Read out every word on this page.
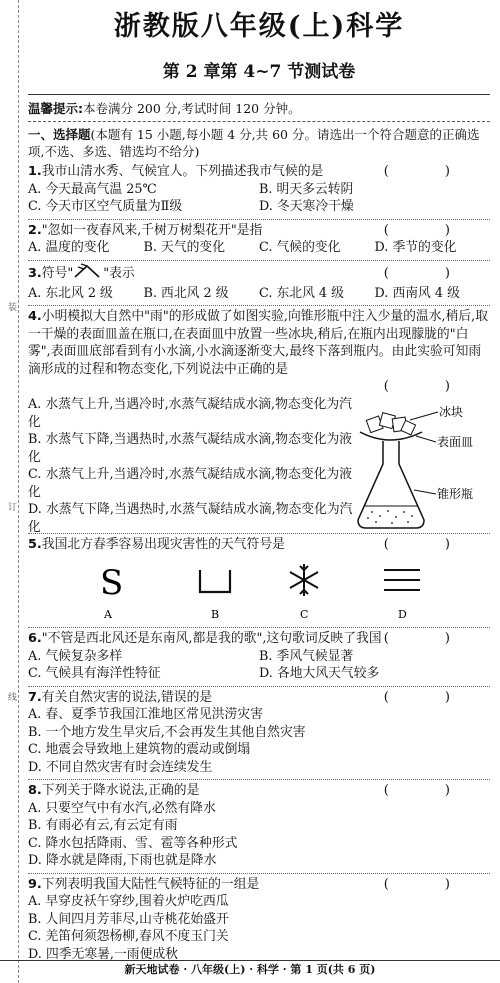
装
订
线
浙教版八年级(上)科学
第 2 章第 4~7 节测试卷
温馨提示:本卷满分 200 分,考试时间 120 分钟。
一、选择题(本题有 15 小题,每小题 4 分,共 60 分。请选出一个符合题意的正确选项,不选、多选、错选均不给分)
( )
1.我市山清水秀、气候宜人。下列描述我市气候的是
A. 今天最高气温 25℃	B. 明天多云转阴
C. 今天市区空气质量为Ⅱ级	D. 冬天寒冷干燥
( )
2."忽如一夜春风来,千树万树梨花开"是指
A. 温度的变化	B. 天气的变化	C. 气候的变化	D. 季节的变化
( )
3.符号" "表示
A. 东北风 2 级	B. 西北风 2 级	C. 东北风 4 级	D. 西南风 4 级
( )
4.小明模拟大自然中"雨"的形成做了如图实验,向锥形瓶中注入少量的温水,稍后,取一干燥的表面皿盖在瓶口,在表面皿中放置一些冰块,稍后,在瓶内出现朦胧的"白雾",表面皿底部看到有小水滴,小水滴逐渐变大,最终下落到瓶内。由此实验可知雨滴形成的过程和物态变化,下列说法中正确的是
A. 水蒸气上升,当遇冷时,水蒸气凝结成水滴,物态变化为汽化
B. 水蒸气下降,当遇热时,水蒸气凝结成水滴,物态变化为液化
C. 水蒸气上升,当遇冷时,水蒸气凝结成水滴,物态变化为液化
D. 水蒸气下降,当遇热时,水蒸气凝结成水滴,物态变化为汽化
冰块
表面皿
锥形瓶
( )
5.我国北方春季容易出现灾害性的天气符号是
S
A	B	C	D
( )
6."不管是西北风还是东南风,都是我的歌",这句歌词反映了我国
A. 气候复杂多样	B. 季风气候显著
C. 气候具有海洋性特征	D. 各地大风天气较多
( )
7.有关自然灾害的说法,错误的是
A. 春、夏季节我国江淮地区常见洪涝灾害
B. 一个地方发生旱灾后,不会再发生其他自然灾害
C. 地震会导致地上建筑物的震动或倒塌
D. 不同自然灾害有时会连续发生
( )
8.下列关于降水说法,正确的是
A. 只要空气中有水汽,必然有降水
B. 有雨必有云,有云定有雨
C. 降水包括降雨、雪、雹等各种形式
D. 降水就是降雨,下雨也就是降水
( )
9.下列表明我国大陆性气候特征的一组是
A. 早穿皮袄午穿纱,围着火炉吃西瓜
B. 人间四月芳菲尽,山寺桃花始盛开
C. 羌笛何须怨杨柳,春风不度玉门关
D. 四季无寒暑,一雨便成秋
新天地试卷 · 八年级(上) · 科学 · 第 1 页(共 6 页)
